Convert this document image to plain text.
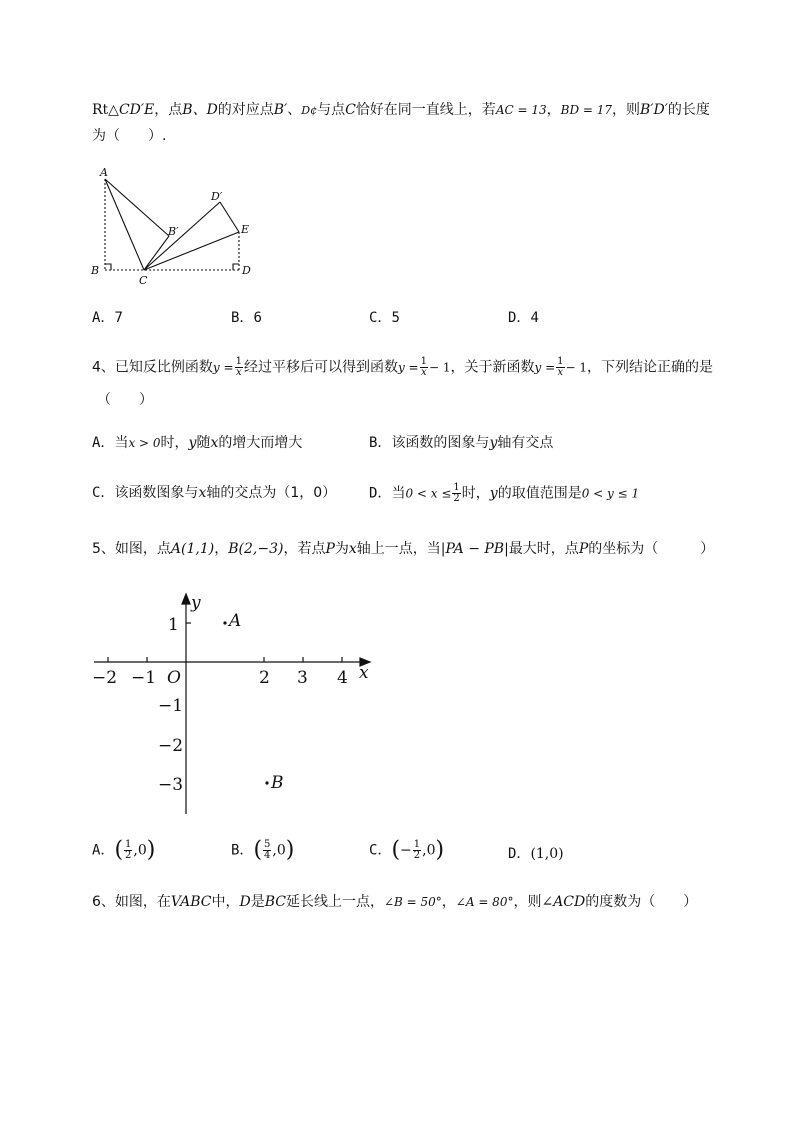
Rt△CD′E，点B、D的对应点B′、D¢与点C恰好在同一直线上，若AC = 13，BD = 17，则B′D′的长度
为（　　）.
A
B
C
D
E
B′
D′
A．7	B．6	C．5	D．4
4、已知反比例函数$y = \frac{1}{x}$ 经过平移后可以得到函数$y = \frac{1}{x} - 1$，关于新函数$y = \frac{1}{x} - 1$，下列结论正确的是
（　　）
A．当x > 0时，y随x的增大而增大	B．该函数的图象与y轴有交点
C．该函数图象与x轴的交点为（1，0） D．当$0 < x \le \frac{1}{2}$ 时，y的取值范围是0 < y ≤ 1
5、如图，点A(1,1)，B(2,−3)，若点P为x轴上一点，当|PA − PB|最大时，点P的坐标为（　　　）
−2 −1 O	2 3 4 x
y
1
−1
−2
−3
A
B
A．( $\frac{1}{2} ,0$)	B．( $\frac{5}{4} ,0$)	C．(− $\frac{1}{2} ,0$)	D．(1,0)
6、如图，在VABC中，D是BC延长线上一点，∠B = 50°，∠A = 80°，则∠ACD的度数为（　　）
